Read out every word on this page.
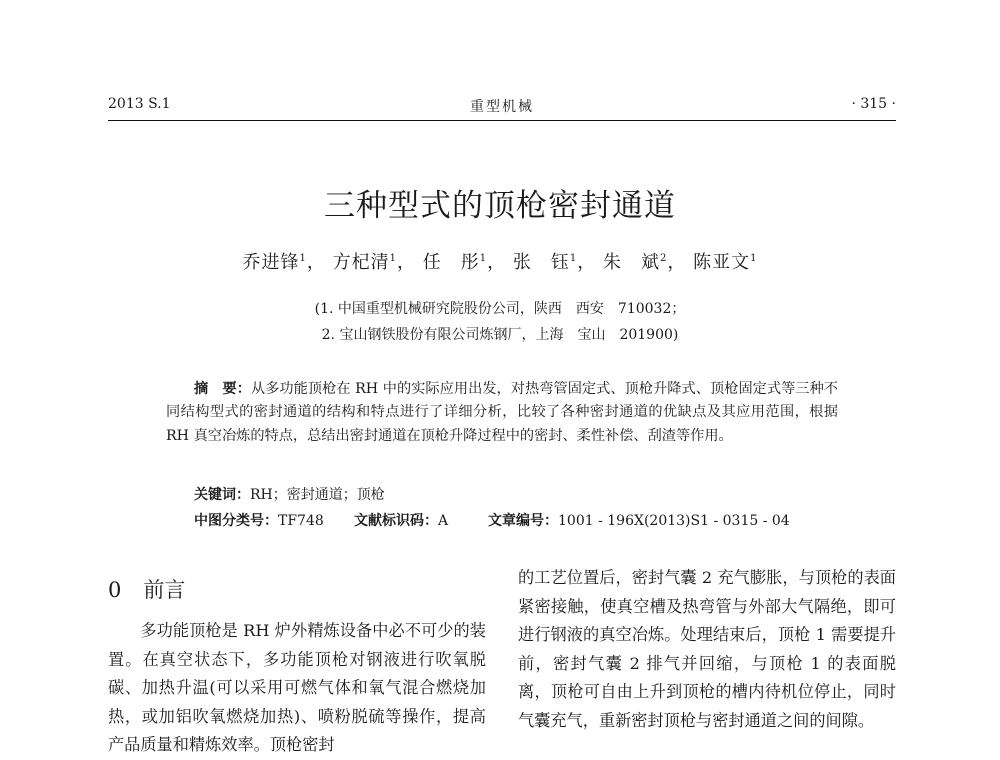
2013 S.1	重型机械	· 315 ·
三种型式的顶枪密封通道
乔进锋$^1$， 方杞清$^1$， 任　彤$^1$， 张　钰$^1$， 朱　斌$^2$， 陈亚文$^1$
(1. 中国重型机械研究院股份公司，陕西　西安　710032；
2. 宝山钢铁股份有限公司炼钢厂，上海　宝山　201900)
摘　要：从多功能顶枪在 RH 中的实际应用出发，对热弯管固定式、顶枪升降式、顶枪固定式等三种不同结构型式的密封通道的结构和特点进行了详细分析，比较了各种密封通道的优缺点及其应用范围，根据 RH 真空冶炼的特点，总结出密封通道在顶枪升降过程中的密封、柔性补偿、刮渣等作用。
关键词：RH；密封通道；顶枪
中图分类号：TF748 文献标识码：A	文章编号：1001 - 196X(2013)S1 - 0315 - 04
0 前言

多功能顶枪是 RH 炉外精炼设备中必不可少的装置。在真空状态下，多功能顶枪对钢液进行吹氧脱碳、加热升温(可以采用可燃气体和氧气混合燃烧加热，或加铝吹氧燃烧加热)、喷粉脱硫等操作，提高产品质量和精炼效率。顶枪密封

的工艺位置后，密封气囊 2 充气膨胀，与顶枪的表面紧密接触，使真空槽及热弯管与外部大气隔绝，即可进行钢液的真空冶炼。处理结束后，顶枪 1 需要提升前，密封气囊 2 排气并回缩，与顶枪 1 的表面脱离，顶枪可自由上升到顶枪的槽内待机位停止，同时气囊充气，重新密封顶枪与密封通道之间的间隙。
